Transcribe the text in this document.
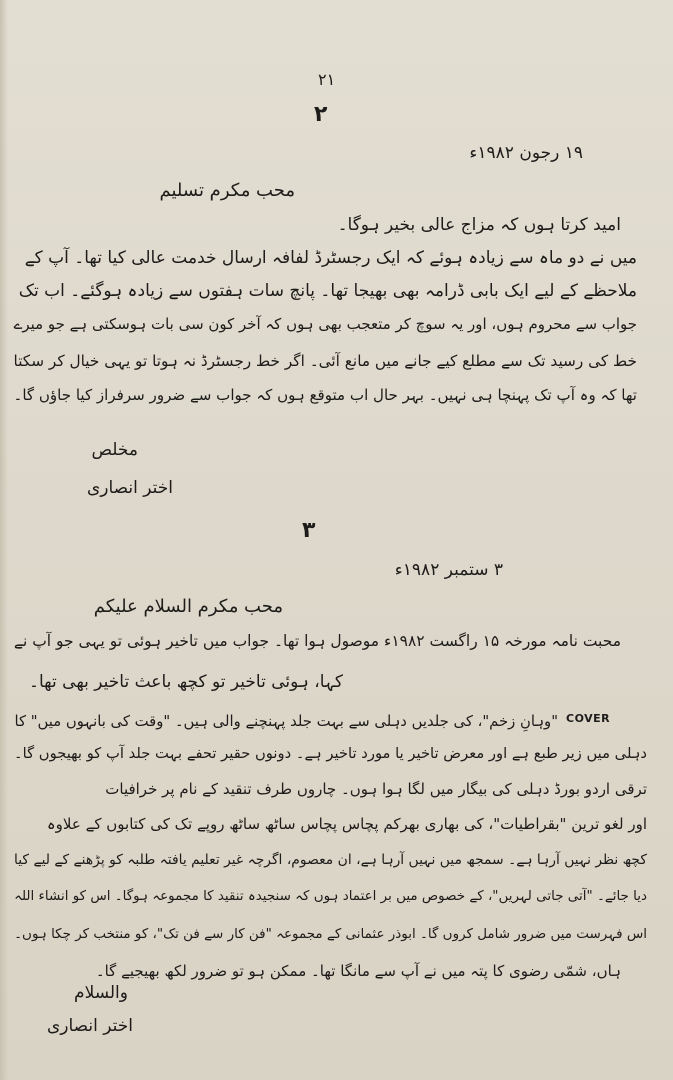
۲۱
۲
۱۹ رجون ۱۹۸۲ء
محب مکرم تسلیم
امید کرتا ہوں کہ مزاج عالی بخیر ہوگا۔
میں نے دو ماہ سے زیادہ ہوئے کہ ایک رجسٹرڈ لفافہ ارسال خدمت عالی کیا تھا۔ آپ کے
ملاحظے کے لیے ایک بابی ڈرامہ بھی بھیجا تھا۔ پانچ سات ہفتوں سے زیادہ ہوگئے۔ اب تک
جواب سے محروم ہوں، اور یہ سوچ کر متعجب بھی ہوں کہ آخر کون سی بات ہوسکتی ہے جو میرے
خط کی رسید تک سے مطلع کیے جانے میں مانع آئی۔ اگر خط رجسٹرڈ نہ ہوتا تو یہی خیال کر سکتا
تھا کہ وہ آپ تک پہنچا ہی نہیں۔ بہر حال اب متوقع ہوں کہ جواب سے ضرور سرفراز کیا جاؤں گا۔
مخلص
اختر انصاری
۳
۳ ستمبر ۱۹۸۲ء
محب مکرم السلام علیکم
محبت نامہ مورخہ ۱۵ راگست ۱۹۸۲ء موصول ہوا تھا۔ جواب میں تاخیر ہوئی تو یہی جو آپ نے
کہا، ہوئی تاخیر تو کچھ باعث تاخیر بھی تھا۔
"وہانِ زخم"، کی جلدیں دہلی سے بہت جلد پہنچنے والی ہیں۔ "وقت کی بانہوں میں" کا COVER
دہلی میں زیر طبع ہے اور معرض تاخیر یا مورد تاخیر ہے۔ دونوں حقیر تحفے بہت جلد آپ کو بھیجوں گا۔
ترقی اردو بورڈ دہلی کی بیگار میں لگا ہوا ہوں۔ چاروں طرف تنقید کے نام پر خرافیات
اور لغو ترین "بقراطیات"، کی بھاری بھرکم پچاس پچاس ساٹھ ساٹھ روپے تک کی کتابوں کے علاوہ
کچھ نظر نہیں آرہا ہے۔ سمجھ میں نہیں آرہا ہے، ان معصوم، اگرچہ غیر تعلیم یافتہ طلبہ کو پڑھنے کے لیے کیا
دیا جائے۔ "آتی جاتی لہریں"، کے خصوص میں بر اعتماد ہوں کہ سنجیدہ تنقید کا مجموعہ ہوگا۔ اس کو انشاء اللہ
اس فہرست میں ضرور شامل کروں گا۔ ابوذر عثمانی کے مجموعہ "فن کار سے فن تک"، کو منتخب کر چکا ہوں۔
ہاں، شمّی رضوی کا پتہ میں نے آپ سے مانگا تھا۔ ممکن ہو تو ضرور لکھ بھیجیے گا۔
والسلام
اختر انصاری
